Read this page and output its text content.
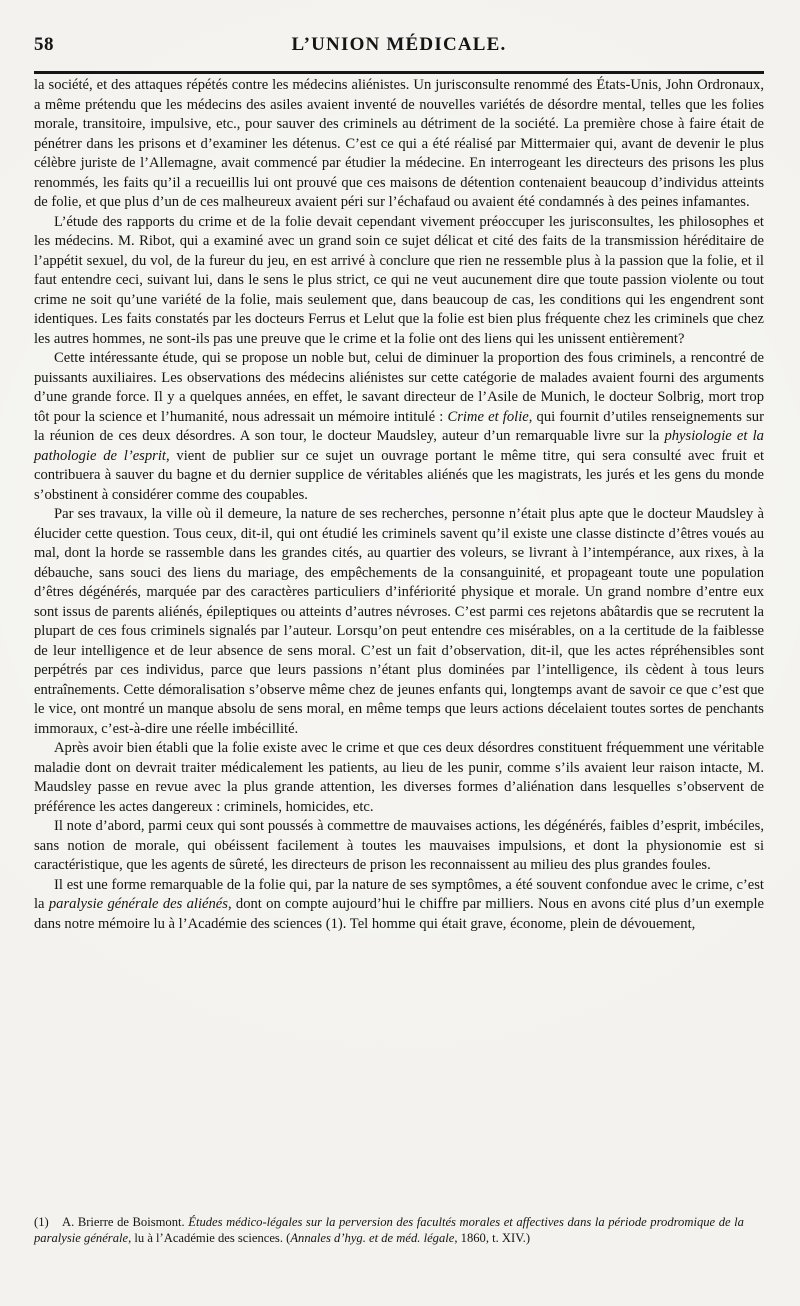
58	L’UNION MÉDICALE.

la société, et des attaques répétés contre les médecins aliénistes. Un jurisconsulte renommé des États-Unis, John Ordronaux, a même prétendu que les médecins des asiles avaient inventé de nouvelles variétés de désordre mental, telles que les folies morale, transitoire, impulsive, etc., pour sauver des criminels au détriment de la société. La première chose à faire était de pénétrer dans les prisons et d’examiner les détenus. C’est ce qui a été réalisé par Mittermaier qui, avant de devenir le plus célèbre juriste de l’Allemagne, avait commencé par étudier la médecine. En interrogeant les directeurs des prisons les plus renommés, les faits qu’il a recueillis lui ont prouvé que ces maisons de détention contenaient beaucoup d’individus atteints de folie, et que plus d’un de ces malheureux avaient péri sur l’échafaud ou avaient été condamnés à des peines infamantes.

L’étude des rapports du crime et de la folie devait cependant vivement préoccuper les jurisconsultes, les philosophes et les médecins. M. Ribot, qui a examiné avec un grand soin ce sujet délicat et cité des faits de la transmission héréditaire de l’appétit sexuel, du vol, de la fureur du jeu, en est arrivé à conclure que rien ne ressemble plus à la passion que la folie, et il faut entendre ceci, suivant lui, dans le sens le plus strict, ce qui ne veut aucunement dire que toute passion violente ou tout crime ne soit qu’une variété de la folie, mais seulement que, dans beaucoup de cas, les conditions qui les engendrent sont identiques. Les faits constatés par les docteurs Ferrus et Lelut que la folie est bien plus fréquente chez les criminels que chez les autres hommes, ne sont-ils pas une preuve que le crime et la folie ont des liens qui les unissent entièrement?

Cette intéressante étude, qui se propose un noble but, celui de diminuer la proportion des fous criminels, a rencontré de puissants auxiliaires. Les observations des médecins aliénistes sur cette catégorie de malades avaient fourni des arguments d’une grande force. Il y a quelques années, en effet, le savant directeur de l’Asile de Munich, le docteur Solbrig, mort trop tôt pour la science et l’humanité, nous adressait un mémoire intitulé : Crime et folie, qui fournit d’utiles renseignements sur la réunion de ces deux désordres. A son tour, le docteur Maudsley, auteur d’un remarquable livre sur la physiologie et la pathologie de l’esprit, vient de publier sur ce sujet un ouvrage portant le même titre, qui sera consulté avec fruit et contribuera à sauver du bagne et du dernier supplice de véritables aliénés que les magistrats, les jurés et les gens du monde s’obstinent à considérer comme des coupables.

Par ses travaux, la ville où il demeure, la nature de ses recherches, personne n’était plus apte que le docteur Maudsley à élucider cette question. Tous ceux, dit-il, qui ont étudié les criminels savent qu’il existe une classe distincte d’êtres voués au mal, dont la horde se rassemble dans les grandes cités, au quartier des voleurs, se livrant à l’intempérance, aux rixes, à la débauche, sans souci des liens du mariage, des empêchements de la consanguinité, et propageant toute une population d’êtres dégénérés, marquée par des caractères particuliers d’infériorité physique et morale. Un grand nombre d’entre eux sont issus de parents aliénés, épileptiques ou atteints d’autres névroses. C’est parmi ces rejetons abâtardis que se recrutent la plupart de ces fous criminels signalés par l’auteur. Lorsqu’on peut entendre ces misérables, on a la certitude de la faiblesse de leur intelligence et de leur absence de sens moral. C’est un fait d’observation, dit-il, que les actes répréhensibles sont perpétrés par ces individus, parce que leurs passions n’étant plus dominées par l’intelligence, ils cèdent à tous leurs entraînements. Cette démoralisation s’observe même chez de jeunes enfants qui, longtemps avant de savoir ce que c’est que le vice, ont montré un manque absolu de sens moral, en même temps que leurs actions décelaient toutes sortes de penchants immoraux, c’est-à-dire une réelle imbécillité.

Après avoir bien établi que la folie existe avec le crime et que ces deux désordres constituent fréquemment une véritable maladie dont on devrait traiter médicalement les patients, au lieu de les punir, comme s’ils avaient leur raison intacte, M. Maudsley passe en revue avec la plus grande attention, les diverses formes d’aliénation dans lesquelles s’observent de préférence les actes dangereux : criminels, homicides, etc.

Il note d’abord, parmi ceux qui sont poussés à commettre de mauvaises actions, les dégénérés, faibles d’esprit, imbéciles, sans notion de morale, qui obéissent facilement à toutes les mauvaises impulsions, et dont la physionomie est si caractéristique, que les agents de sûreté, les directeurs de prison les reconnaissent au milieu des plus grandes foules.

Il est une forme remarquable de la folie qui, par la nature de ses symptômes, a été souvent confondue avec le crime, c’est la paralysie générale des aliénés, dont on compte aujourd’hui le chiffre par milliers. Nous en avons cité plus d’un exemple dans notre mémoire lu à l’Académie des sciences (1). Tel homme qui était grave, économe, plein de dévouement,

(1) A. Brierre de Boismont. Études médico-légales sur la perversion des facultés morales et affectives dans la période prodromique de la paralysie générale, lu à l’Académie des sciences. (Annales d’hyg. et de méd. légale, 1860, t. XIV.)
